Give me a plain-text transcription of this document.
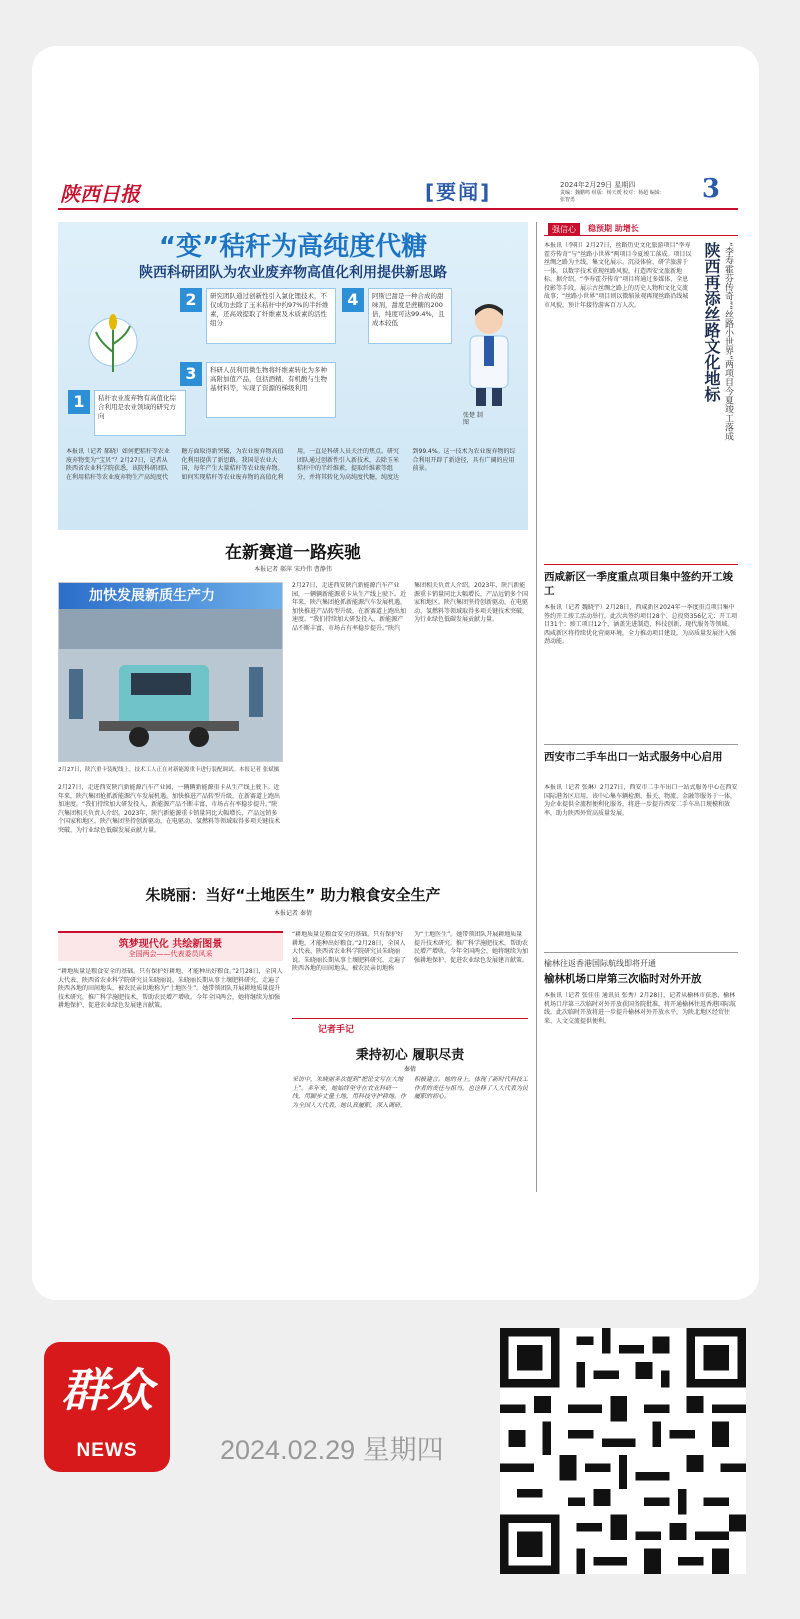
陕西日报	[要闻]	2024年2月29日 星期四
责编：魏鹏鸣 组版：杨天媛 校对：杨超 编辑：张智勇	3
“变”秸秆为高纯度代糖
陕西科研团队为农业废弃物高值化利用提供新思路
1	秸秆农业废弃物有高值化综合利用是农业领域的研究方向
2	研究团队通过创新性引入氯化锂技术，不仅成功去除了玉米秸秆中约97%的半纤维素，还高效提取了纤维素及木质素的活性组分
3	科研人员利用微生物将纤维素转化为多种高附加值产品，包括酒精、有机酸与生物基材料等，实现了资源的梯级利用
4	阿斯巴甜是一种合成的甜味剂，甜度是蔗糖的200倍，纯度可达99.4%，且成本较低
张楚 制图
本报讯（记者 郝晓）如何把秸秆等农业废弃物变为“宝贝”？2月27日，记者从陕西省农业科学院获悉，该院科研团队在利用秸秆等农业废弃物生产高纯度代糖方面取得新突破，为农业废弃物高值化利用提供了新思路。我国是农业大国，每年产生大量秸秆等农业废弃物。如何实现秸秆等农业废弃物的高值化利用，一直是科研人员关注的焦点。研究团队通过创新性引入新技术，去除玉米秸秆中的半纤维素，提取纤维素等组分，并将其转化为高纯度代糖，纯度达到99.4%。这一技术为农业废弃物的综合利用开辟了新途径，具有广阔的应用前景。
强信心	稳预期 助增长
本报讯（李阳）2月27日，丝路历史文化旅游项目“李寿霍芬传奇”与“丝路小世界”两项目今夏竣工落成。项目以丝绸之路为主线，集文化展示、沉浸体验、研学旅游于一体，以数字技术重现丝路风貌，打造西安文旅新地标。据介绍，“李寿霍芬传奇”项目将通过多媒体、全息投影等手段，展示古丝绸之路上的历史人物和文化交流故事；“丝路小世界”项目则以微缩景观再现丝路沿线城市风貌，预计年接待游客百万人次。	陕西再添丝路文化地标 “李寿霍芬传奇”“丝路小世界”两项目今夏竣工落成
西咸新区一季度重点项目集中签约开工竣工
本报讯（记者 魏晓宇）2月28日，西咸新区2024年一季度重点项目集中签约开工竣工活动举行。此次共签约项目28个、总投资356亿元；开工项目31个；竣工项目12个，涵盖先进制造、科技创新、现代服务等领域。西咸新区将持续优化营商环境，全力推动项目建设，为高质量发展注入强劲动能。
西安市二手车出口一站式服务中心启用
本报讯（记者 张琳）2月27日，西安市二手车出口一站式服务中心在西安国际港务区启用。该中心集车辆检测、报关、物流、金融等服务于一体，为企业提供全流程便利化服务，将进一步提升西安二手车出口规模和效率，助力陕西外贸高质量发展。
榆林往返香港国际航线即将开通
榆林机场口岸第三次临时对外开放
本报讯（记者 张佳佳 通讯员 张秀）2月28日，记者从榆林市获悉，榆林机场口岸第三次临时对外开放获国务院批准，将开通榆林往返香港国际航线。此次临时开放将进一步提升榆林对外开放水平，为陕北地区经贸往来、人文交流提供便利。
在新赛道一路疾驰
本报记者 郝萍 宋玲伟 曹静伟
加快发展新质生产力
2月27日，陕汽重卡装配线上，技术工人正在对新能源重卡进行装配调试。本报记者 张斌摄
2月27日，走进西安陕汽新能源汽车产业园，一辆辆新能源重卡从生产线上驶下。近年来，陕汽集团抢抓新能源汽车发展机遇，加快推进产品转型升级，在新赛道上跑出加速度。“我们持续加大研发投入，新能源产品不断丰富，市场占有率稳步提升。”陕汽集团相关负责人介绍。2023年，陕汽新能源重卡销量同比大幅增长，产品远销多个国家和地区。陕汽集团坚持创新驱动，在电驱动、氢燃料等领域取得多项关键技术突破，为行业绿色低碳发展贡献力量。
2月27日，走进西安陕汽新能源汽车产业园，一辆辆新能源重卡从生产线上驶下。近年来，陕汽集团抢抓新能源汽车发展机遇，加快推进产品转型升级，在新赛道上跑出加速度。“我们持续加大研发投入，新能源产品不断丰富，市场占有率稳步提升。”陕汽集团相关负责人介绍。2023年，陕汽新能源重卡销量同比大幅增长，产品远销多个国家和地区。陕汽集团坚持创新驱动，在电驱动、氢燃料等领域取得多项关键技术突破，为行业绿色低碳发展贡献力量。
朱晓丽：当好“土地医生” 助力粮食安全生产
本报记者 秦倩
筑梦现代化 共绘新图景
全国两会——代表委员风采
“耕地质量是粮食安全的基础。只有保护好耕地，才能种出好粮食。”2月28日，全国人大代表、陕西省农业科学院研究员朱晓丽说。朱晓丽长期从事土壤肥料研究，走遍了陕西各地的田间地头，被农民亲切地称为“土地医生”。她带领团队开展耕地质量提升技术研究，推广科学施肥技术，帮助农民增产增收。今年全国两会，她将继续为加强耕地保护、促进农业绿色发展建言献策。
“耕地质量是粮食安全的基础。只有保护好耕地，才能种出好粮食。”2月28日，全国人大代表、陕西省农业科学院研究员朱晓丽说。朱晓丽长期从事土壤肥料研究，走遍了陕西各地的田间地头，被农民亲切地称为“土地医生”。她带领团队开展耕地质量提升技术研究，推广科学施肥技术，帮助农民增产增收。今年全国两会，她将继续为加强耕地保护、促进农业绿色发展建言献策。
记者手记
秉持初心 履职尽责
秦倩
采访中，朱晓丽多次提到“把论文写在大地上”。多年来，她始终坚守在农业科研一线，用脚步丈量土地，用科技守护耕地。作为全国人大代表，她认真履职，深入调研，积极建言。她的身上，体现了新时代科技工作者的责任与担当，也诠释了人大代表为民履职的初心。
群众
NEWS	2024.02.29 星期四
